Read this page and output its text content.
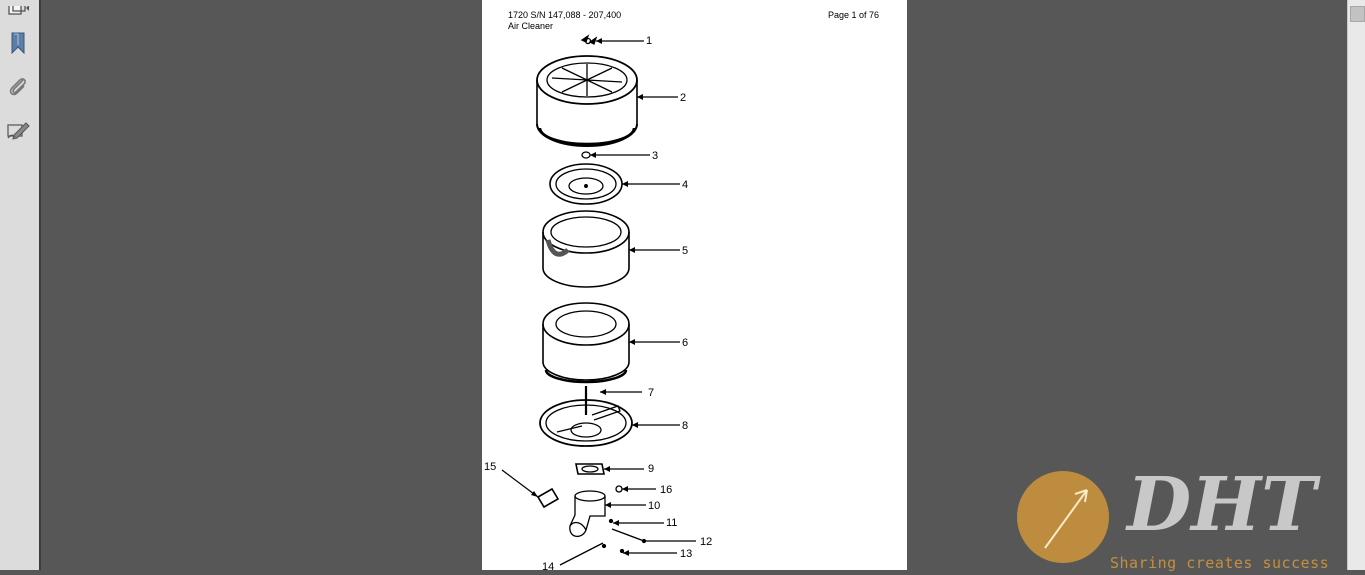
1720 S/N 147,088 - 207,400
Air Cleaner
Page 1 of 76
1
2
3
4
5
6
7
8
9
10
11
12
13
14
15
16	DHT
Sharing creates success
